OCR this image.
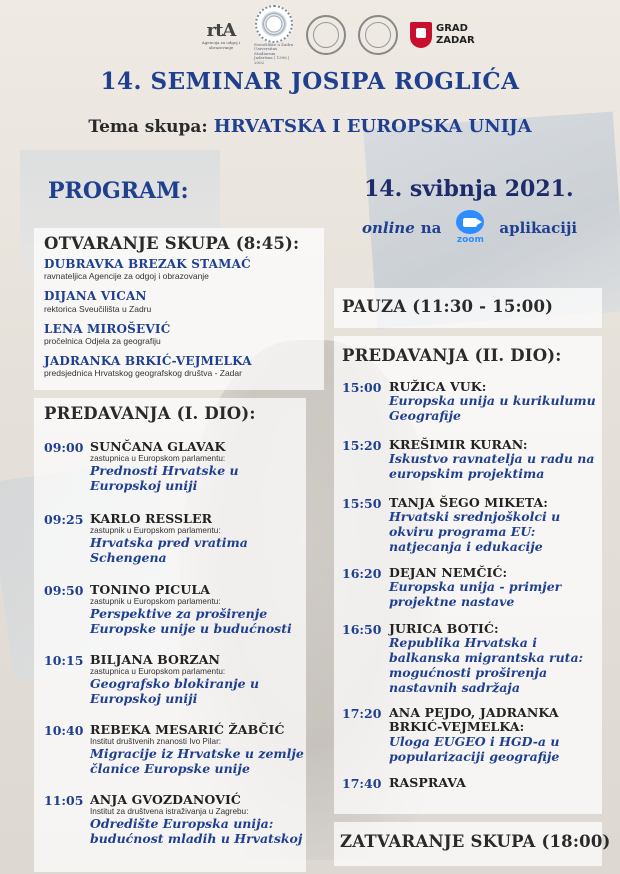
rtA
Agencija za odgoj i obrazovanje	Sveučilište u Zadru Universitas Studiorum Jadertina | 1396 | 2002
GRAD
ZADAR
14. SEMINAR JOSIPA ROGLIĆA
Tema skupa: HRVATSKA I EUROPSKA UNIJA
PROGRAM:	14. svibnja 2021.
online na
zoom
aplikaciji
OTVARANJE SKUPA (8:45):
DUBRAVKA BREZAK STAMAĆ
ravnateljica Agencije za odgoj i obrazovanje
DIJANA VICAN
rektorica Sveučilišta u Zadru
LENA MIROŠEVIĆ
pročelnica Odjela za geografiju
JADRANKA BRKIĆ-VEJMELKA
predsjednica Hrvatskog geografskog društva - Zadar
PREDAVANJA (I. DIO):
09:00 SUNČANA GLAVAK
zastupnica u Europskom parlamentu:
Prednosti Hrvatske u Europskoj uniji
09:25 KARLO RESSLER
zastupnik u Europskom parlamentu:
Hrvatska pred vratima Schengena
09:50 TONINO PICULA
zastupnik u Europskom parlamentu:
Perspektive za proširenje Europske unije u budućnosti
10:15 BILJANA BORZAN
zastupnica u Europskom parlamentu:
Geografsko blokiranje u Europskoj uniji
10:40 REBEKA MESARIĆ ŽABČIĆ
Institut društvenih znanosti Ivo Pilar:
Migracije iz Hrvatske u zemlje članice Europske unije
11:05 ANJA GVOZDANOVIĆ
Institut za društvena istraživanja u Zagrebu:
Odredište Europska unija: budućnost mladih u Hrvatskoj
PAUZA (11:30 - 15:00)
PREDAVANJA (II. DIO):
15:00 RUŽICA VUK:
Europska unija u kurikulumu Geografije
15:20 KREŠIMIR KURAN:
Iskustvo ravnatelja u radu na europskim projektima
15:50 TANJA ŠEGO MIKETA:
Hrvatski srednjoškolci u okviru programa EU: natjecanja i edukacije
16:20 DEJAN NEMČIĆ:
Europska unija - primjer projektne nastave
16:50 JURICA BOTIĆ:
Republika Hrvatska i balkanska migrantska ruta: mogućnosti proširenja nastavnih sadržaja
17:20 ANA PEJDO, JADRANKA BRKIĆ-VEJMELKA:
Uloga EUGEO i HGD-a u popularizaciji geografije
17:40 RASPRAVA
ZATVARANJE SKUPA (18:00)
